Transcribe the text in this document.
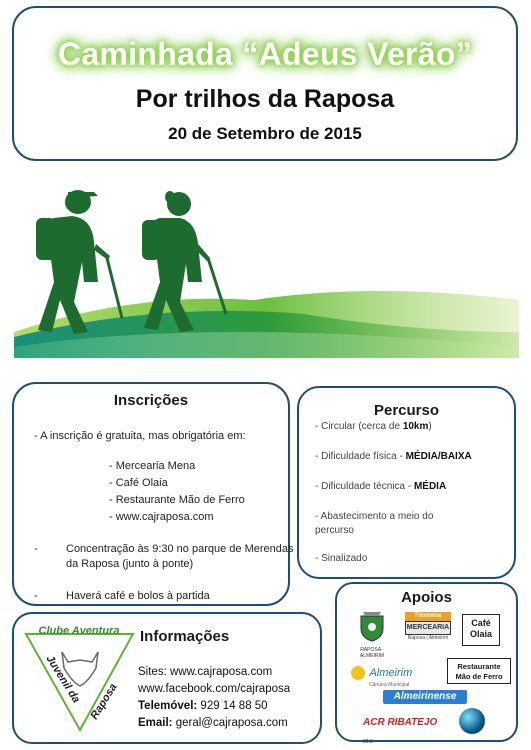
Caminhada “Adeus Verão”
Por trilhos da Raposa
20 de Setembro de 2015
Inscrições
- A inscrição é gratuita, mas obrigatória em:
- Mercearia Mena
- Café Olaia
- Restaurante Mão de Ferro
- www.cajraposa.com
-	Concentração às 9:30 no parque de Merendas da Raposa (junto à ponte)
-	Haverá café e bolos à partida
Percurso
- Circular (cerca de 10km)
- Dificuldade física - MÉDIA/BAIXA
- Dificuldade técnica - MÉDIA
- Abastecimento a meio do percurso
- Sinalizado
Clube Aventura
Juvenil da Raposa
Informações
Sites: www.cajraposa.com
www.facebook.com/cajraposa
Telemóvel: 929 14 88 50
Email: geral@cajraposa.com
Apoios
RAPOSA · ALMEIRIM
Filomena
MERCEARIA
Raposa | Almeirim
Café
Olaia
Almeirim
Câmara Municipal
Restaurante
Mão de Ferro
Almeirinense
ACR RIBATEJO 98.3
